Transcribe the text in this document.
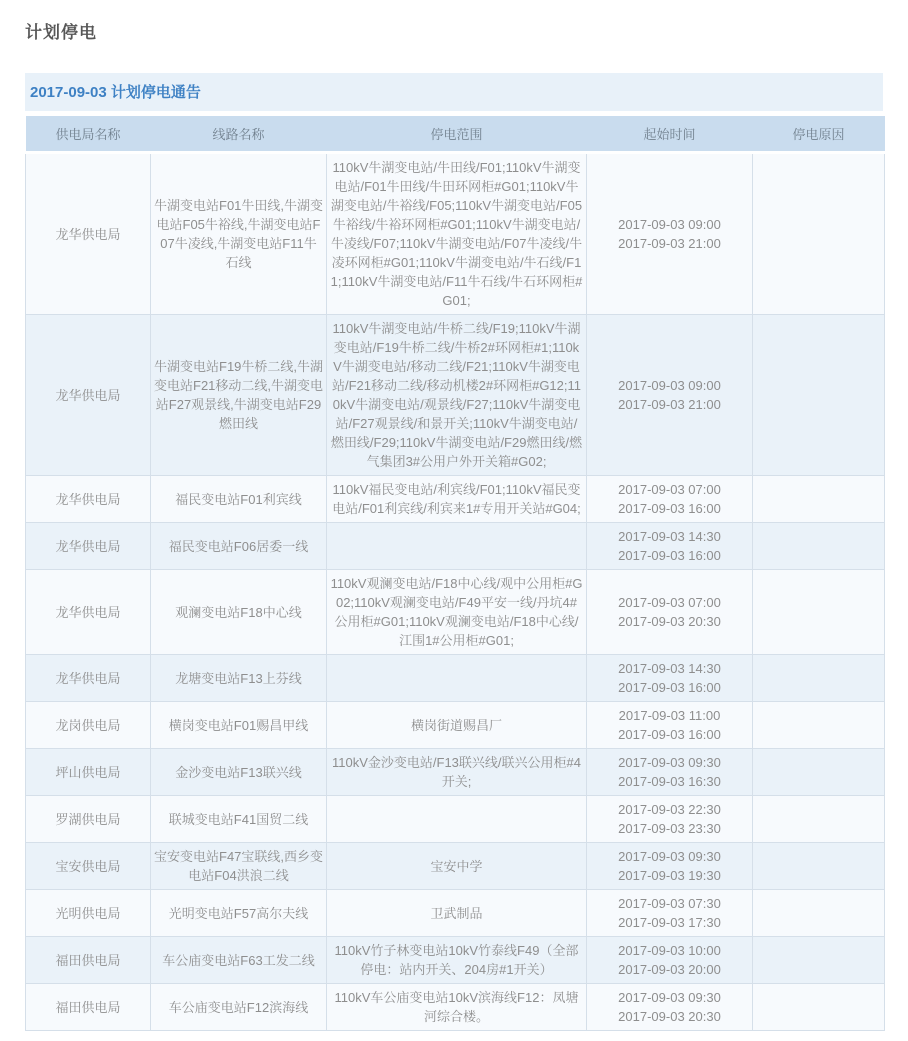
计划停电
2017-09-03 计划停电通告
供电局名称	线路名称	停电范围	起始时间	停电原因
龙华供电局	牛湖变电站F01牛田线,牛湖变电站F05牛裕线,牛湖变电站F07牛凌线,牛湖变电站F11牛石线	110kV牛湖变电站/牛田线/F01;110kV牛湖变电站/F01牛田线/牛田环网柜#G01;110kV牛湖变电站/牛裕线/F05;110kV牛湖变电站/F05牛裕线/牛裕环网柜#G01;110kV牛湖变电站/牛凌线/F07;110kV牛湖变电站/F07牛凌线/牛凌环网柜#G01;110kV牛湖变电站/牛石线/F11;110kV牛湖变电站/F11牛石线/牛石环网柜#G01;	2017-09-03 09:00
2017-09-03 21:00	

龙华供电局	牛湖变电站F19牛桥二线,牛湖变电站F21移动二线,牛湖变电站F27观景线,牛湖变电站F29燃田线	110kV牛湖变电站/牛桥二线/F19;110kV牛湖变电站/F19牛桥二线/牛桥2#环网柜#1;110kV牛湖变电站/移动二线/F21;110kV牛湖变电站/F21移动二线/移动机楼2#环网柜#G12;110kV牛湖变电站/观景线/F27;110kV牛湖变电站/F27观景线/和景开关;110kV牛湖变电站/燃田线/F29;110kV牛湖变电站/F29燃田线/燃气集团3#公用户外开关箱#G02;	2017-09-03 09:00
2017-09-03 21:00	

龙华供电局	福民变电站F01利宾线	110kV福民变电站/利宾线/F01;110kV福民变电站/F01利宾线/利宾来1#专用开关站#G04;	2017-09-03 07:00
2017-09-03 16:00	

龙华供电局	福民变电站F06居委一线		2017-09-03 14:30
2017-09-03 16:00	

龙华供电局	观澜变电站F18中心线	110kV观澜变电站/F18中心线/观中公用柜#G02;110kV观澜变电站/F49平安一线/丹坑4#公用柜#G01;110kV观澜变电站/F18中心线/江围1#公用柜#G01;	2017-09-03 07:00
2017-09-03 20:30	

龙华供电局	龙塘变电站F13上芬线		2017-09-03 14:30
2017-09-03 16:00	

龙岗供电局	横岗变电站F01赐昌甲线	横岗街道赐昌厂	2017-09-03 11:00
2017-09-03 16:00	

坪山供电局	金沙变电站F13联兴线	110kV金沙变电站/F13联兴线/联兴公用柜#4开关;	2017-09-03 09:30
2017-09-03 16:30	

罗湖供电局	联城变电站F41国贸二线		2017-09-03 22:30
2017-09-03 23:30	

宝安供电局	宝安变电站F47宝联线,西乡变电站F04洪浪二线	宝安中学	2017-09-03 09:30
2017-09-03 19:30	

光明供电局	光明变电站F57高尔夫线	卫武制品	2017-09-03 07:30
2017-09-03 17:30	

福田供电局	车公庙变电站F63工发二线	110kV竹子林变电站10kV竹泰线F49（全部停电：站内开关、204房#1开关）	2017-09-03 10:00
2017-09-03 20:00	

福田供电局	车公庙变电站F12滨海线	110kV车公庙变电站10kV滨海线F12：凤塘河综合楼。	2017-09-03 09:30
2017-09-03 20:30	
